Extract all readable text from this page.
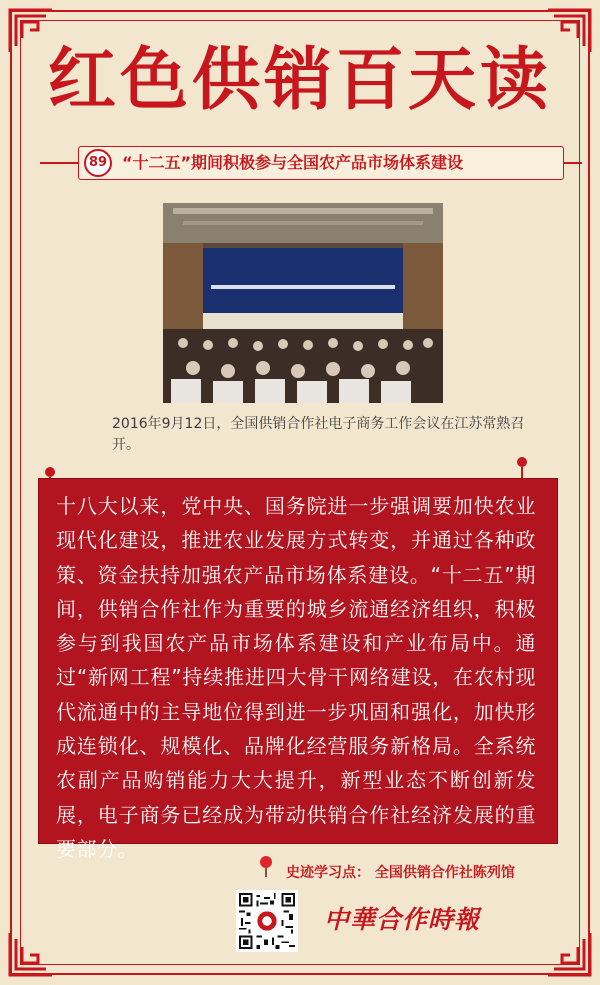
红色供销百天读
89 “十二五”期间积极参与全国农产品市场体系建设
2016年9月12日，全国供销合作社电子商务工作会议在江苏常熟召开。
十八大以来，党中央、国务院进一步强调要加快农业现代化建设，推进农业发展方式转变，并通过各种政策、资金扶持加强农产品市场体系建设。“十二五”期间，供销合作社作为重要的城乡流通经济组织，积极参与到我国农产品市场体系建设和产业布局中。通过“新网工程”持续推进四大骨干网络建设，在农村现代流通中的主导地位得到进一步巩固和强化，加快形成连锁化、规模化、品牌化经营服务新格局。全系统农副产品购销能力大大提升，新型业态不断创新发展，电子商务已经成为带动供销合作社经济发展的重要部分。
史迹学习点： 全国供销合作社陈列馆
中華合作時報
